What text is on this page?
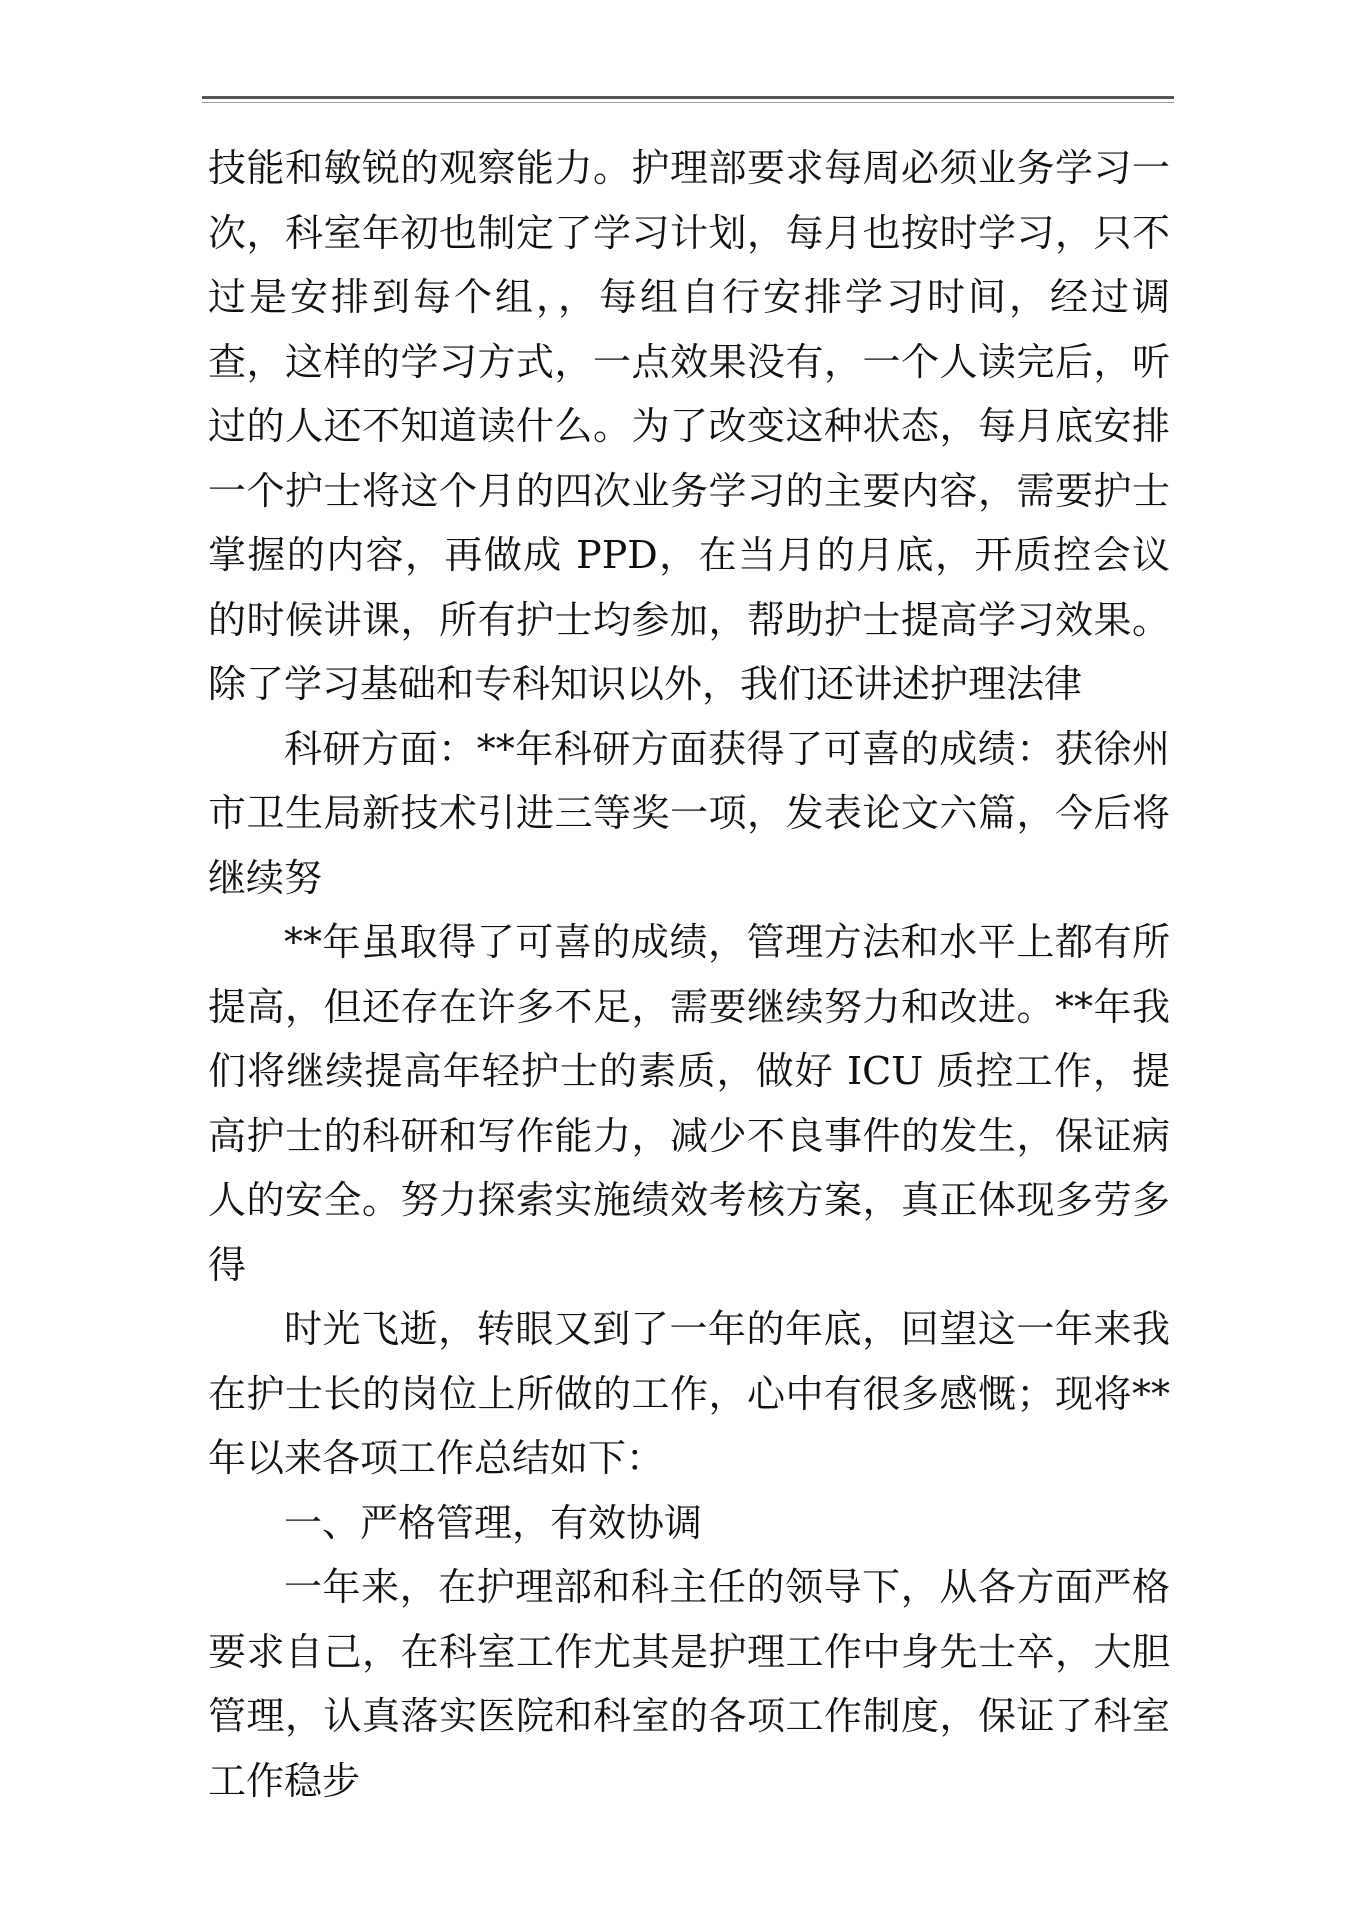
技能和敏锐的观察能力。护理部要求每周必须业务学习一次，科室年初也制定了学习计划，每月也按时学习，只不过是安排到每个组，，每组自行安排学习时间，经过调查，这样的学习方式，一点效果没有，一个人读完后，听过的人还不知道读什么。为了改变这种状态，每月底安排一个护士将这个月的四次业务学习的主要内容，需要护士掌握的内容，再做成 PPD，在当月的月底，开质控会议的时候讲课，所有护士均参加，帮助护士提高学习效果。除了学习基础和专科知识以外，我们还讲述护理法律

科研方面：**年科研方面获得了可喜的成绩：获徐州市卫生局新技术引进三等奖一项，发表论文六篇，今后将继续努

**年虽取得了可喜的成绩，管理方法和水平上都有所提高，但还存在许多不足，需要继续努力和改进。**年我们将继续提高年轻护士的素质，做好 ICU 质控工作，提高护士的科研和写作能力，减少不良事件的发生，保证病人的安全。努力探索实施绩效考核方案，真正体现多劳多得

时光飞逝，转眼又到了一年的年底，回望这一年来我在护士长的岗位上所做的工作，心中有很多感慨；现将**年以来各项工作总结如下：

一、严格管理，有效协调

一年来，在护理部和科主任的领导下，从各方面严格要求自己，在科室工作尤其是护理工作中身先士卒，大胆管理，认真落实医院和科室的各项工作制度，保证了科室工作稳步
